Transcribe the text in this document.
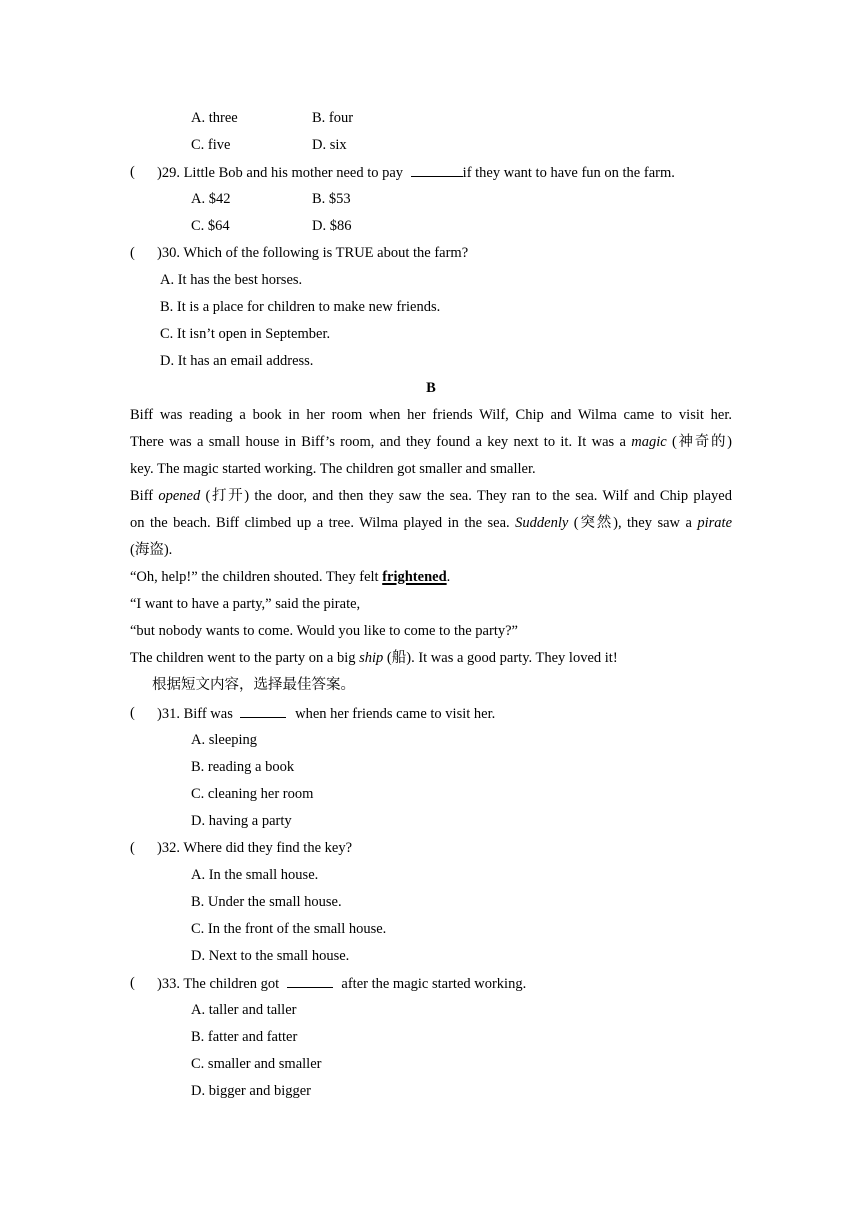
A. three	B. four
C. five	D. six
( )29. Little Bob and his mother need to pay	if they want to have fun on the farm.
A. $42	B. $53
C. $64	D. $86
( )30. Which of the following is TRUE about the farm?
A. It has the best horses.
B. It is a place for children to make new friends.
C. It isn’t open in September.
D. It has an email address.
B
Biff was reading a book in her room when her friends Wilf, Chip and Wilma came to visit her.
There was a small house in Biff’s room, and they found a key next to it. It was a magic (神奇的)
key. The magic started working. The children got smaller and smaller.
Biff opened (打开) the door, and then they saw the sea. They ran to the sea. Wilf and Chip played
on the beach. Biff climbed up a tree. Wilma played in the sea. Suddenly (突然), they saw a pirate
(海盗).
“Oh, help!” the children shouted. They felt frightened.
“I want to have a party,” said the pirate,
“but nobody wants to come. Would you like to come to the party?”
The children went to the party on a big ship (船). It was a good party. They loved it!
根据短文内容，选择最佳答案。
( )31. Biff was	when her friends came to visit her.
A. sleeping
B. reading a book
C. cleaning her room
D. having a party
( )32. Where did they find the key?
A. In the small house.
B. Under the small house.
C. In the front of the small house.
D. Next to the small house.
( )33. The children got	after the magic started working.
A. taller and taller
B. fatter and fatter
C. smaller and smaller
D. bigger and bigger
